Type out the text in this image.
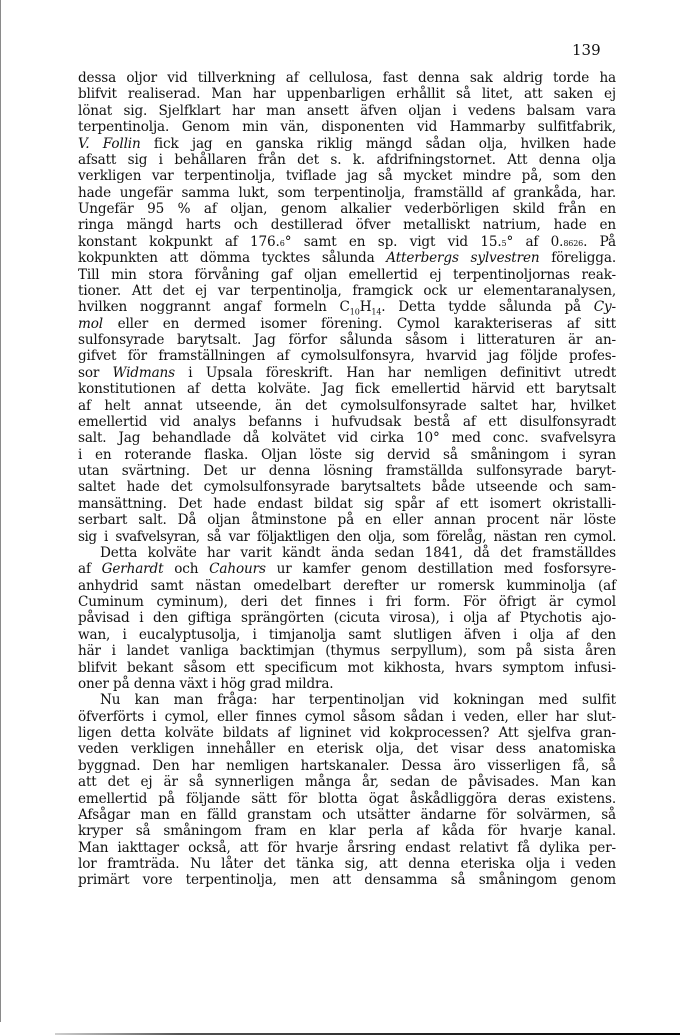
139
dessa oljor vid tillverkning af cellulosa, fast denna sak aldrig torde ha
blifvit realiserad. Man har uppenbarligen erhållit så litet, att saken ej
lönat sig. Sjelfklart har man ansett äfven oljan i vedens balsam vara
terpentinolja. Genom min vän, disponenten vid Hammarby sulfitfabrik,
V. Follin fick jag en ganska riklig mängd sådan olja, hvilken hade
afsatt sig i behållaren från det s. k. afdrifningstornet. Att denna olja
verkligen var terpentinolja, tviflade jag så mycket mindre på, som den
hade ungefär samma lukt, som terpentinolja, framställd af grankåda, har.
Ungefär 95 % af oljan, genom alkalier vederbörligen skild från en
ringa mängd harts och destillerad öfver metalliskt natrium, hade en
konstant kokpunkt af 176.6° samt en sp. vigt vid 15.5° af 0.8626. På
kokpunkten att dömma tycktes sålunda Atterbergs sylvestren föreligga.
Till min stora förvåning gaf oljan emellertid ej terpentinoljornas reak-
tioner. Att det ej var terpentinolja, framgick ock ur elementaranalysen,
hvilken noggrannt angaf formeln $C_{10}H_{14}$. Detta tydde sålunda på Cy-
mol eller en dermed isomer förening. Cymol karakteriseras af sitt
sulfonsyrade barytsalt. Jag förfor sålunda såsom i litteraturen är an-
gifvet för framställningen af cymolsulfonsyra, hvarvid jag följde profes-
sor Widmans i Upsala föreskrift. Han har nemligen definitivt utredt
konstitutionen af detta kolväte. Jag fick emellertid härvid ett barytsalt
af helt annat utseende, än det cymolsulfonsyrade saltet har, hvilket
emellertid vid analys befanns i hufvudsak bestå af ett disulfonsyradt
salt. Jag behandlade då kolvätet vid cirka 10° med conc. svafvelsyra
i en roterande flaska. Oljan löste sig dervid så småningom i syran
utan svärtning. Det ur denna lösning framställda sulfonsyrade baryt-
saltet hade det cymolsulfonsyrade barytsaltets både utseende och sam-
mansättning. Det hade endast bildat sig spår af ett isomert okristalli-
serbart salt. Då oljan åtminstone på en eller annan procent när löste
sig i svafvelsyran, så var följaktligen den olja, som förelåg, nästan ren cymol.
Detta kolväte har varit kändt ända sedan 1841, då det framställdes
af Gerhardt och Cahours ur kamfer genom destillation med fosforsyre-
anhydrid samt nästan omedelbart derefter ur romersk kumminolja (af
Cuminum cyminum), deri det finnes i fri form. För öfrigt är cymol
påvisad i den giftiga sprängörten (cicuta virosa), i olja af Ptychotis ajo-
wan, i eucalyptusolja, i timjanolja samt slutligen äfven i olja af den
här i landet vanliga backtimjan (thymus serpyllum), som på sista åren
blifvit bekant såsom ett specificum mot kikhosta, hvars symptom infusi-
oner på denna växt i hög grad mildra.
Nu kan man fråga: har terpentinoljan vid kokningan med sulfit
öfverförts i cymol, eller finnes cymol såsom sådan i veden, eller har slut-
ligen detta kolväte bildats af ligninet vid kokprocessen? Att sjelfva gran-
veden verkligen innehåller en eterisk olja, det visar dess anatomiska
byggnad. Den har nemligen hartskanaler. Dessa äro visserligen få, så
att det ej är så synnerligen många år, sedan de påvisades. Man kan
emellertid på följande sätt för blotta ögat åskådliggöra deras existens.
Afsågar man en fälld granstam och utsätter ändarne för solvärmen, så
kryper så småningom fram en klar perla af kåda för hvarje kanal.
Man iakttager också, att för hvarje årsring endast relativt få dylika per-
lor framträda. Nu låter det tänka sig, att denna eteriska olja i veden
primärt vore terpentinolja, men att densamma så småningom genom
